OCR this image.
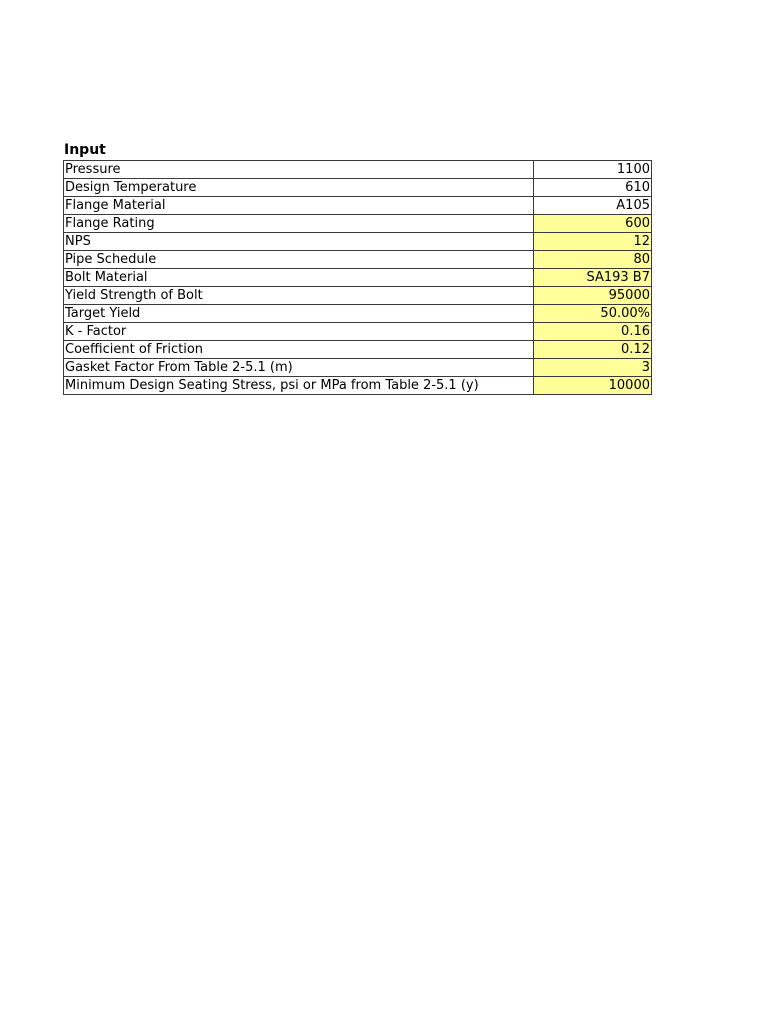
Input
Pressure	1100
Design Temperature	610
Flange Material	A105
Flange Rating	600
NPS	12
Pipe Schedule	80
Bolt Material	SA193 B7
Yield Strength of Bolt	95000
Target Yield	50.00%
K - Factor	0.16
Coefficient of Friction	0.12
Gasket Factor From Table 2-5.1 (m)	3
Minimum Design Seating Stress, psi or MPa from Table 2-5.1 (y)	10000
